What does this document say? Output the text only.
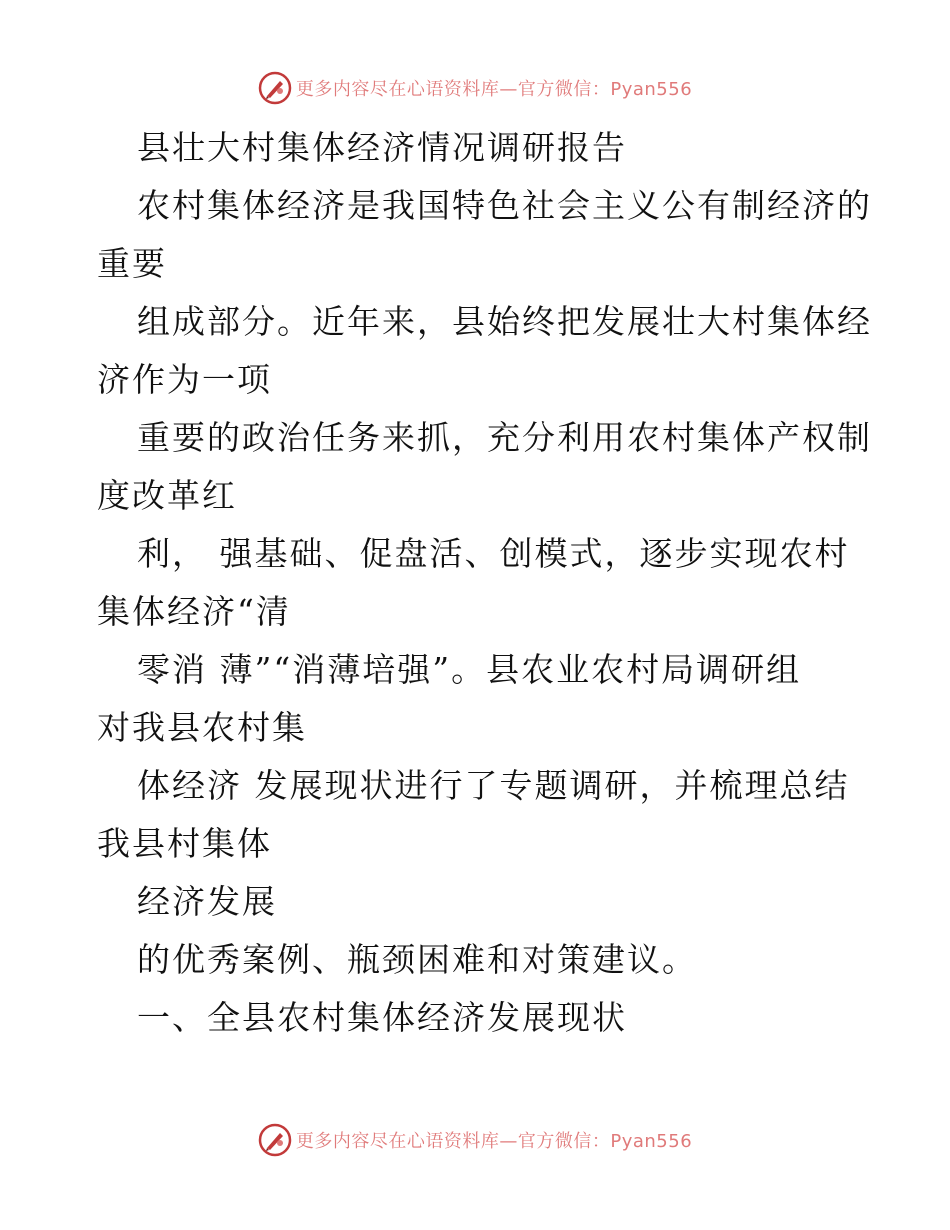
更多内容尽在心语资料库—官方微信：Pyan556
县壮大村集体经济情况调研报告
农村集体经济是我国特色社会主义公有制经济的
重要
组成部分。近年来，县始终把发展壮大村集体经
济作为一项
重要的政治任务来抓，充分利用农村集体产权制
度改革红
利， 强基础、促盘活、创模式，逐步实现农村
集体经济“清
零消 薄”“消薄培强”。县农业农村局调研组
对我县农村集
体经济 发展现状进行了专题调研，并梳理总结
我县村集体
经济发展
的优秀案例、瓶颈困难和对策建议。
一、全县农村集体经济发展现状
更多内容尽在心语资料库—官方微信：Pyan556
